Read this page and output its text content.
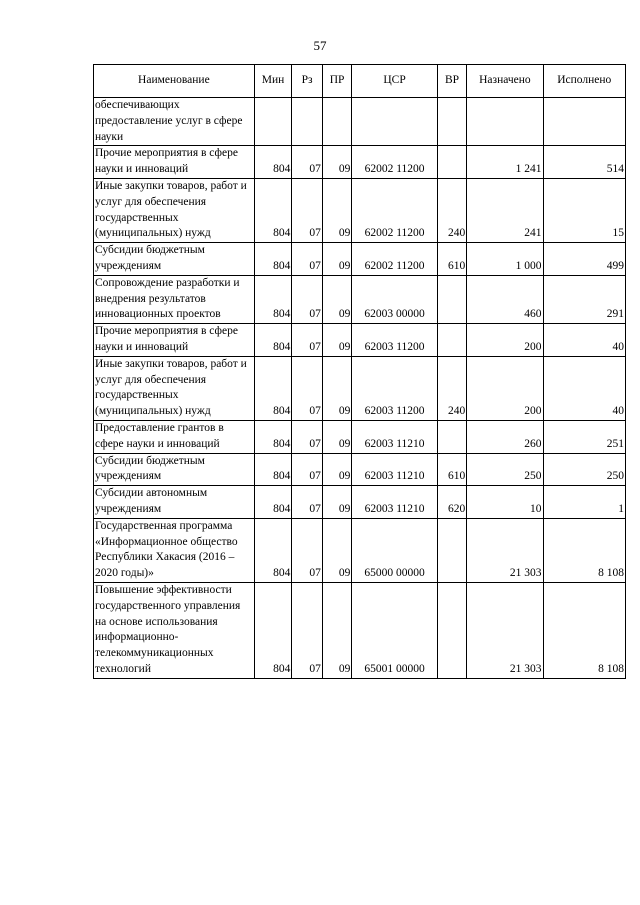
57
Наименование	Мин	Рз	ПР	ЦСР	ВР	Назначено	Исполнено
обеспечивающих предоставление услуг в сфере науки							
Прочие мероприятия в сфере науки и инноваций	804	07	09	62002 11200		1 241	514
Иные закупки товаров, работ и услуг для обеспечения государственных (муниципальных) нужд	804	07	09	62002 11200	240	241	15
Субсидии бюджетным учреждениям	804	07	09	62002 11200	610	1 000	499
Сопровождение разработки и внедрения результатов инновационных проектов	804	07	09	62003 00000		460	291
Прочие мероприятия в сфере науки и инноваций	804	07	09	62003 11200		200	40
Иные закупки товаров, работ и услуг для обеспечения государственных (муниципальных) нужд	804	07	09	62003 11200	240	200	40
Предоставление грантов в сфере науки и инноваций	804	07	09	62003 11210		260	251
Субсидии бюджетным учреждениям	804	07	09	62003 11210	610	250	250
Субсидии автономным учреждениям	804	07	09	62003 11210	620	10	1
Государственная программа «Информационное общество Республики Хакасия (2016 – 2020 годы)»	804	07	09	65000 00000		21 303	8 108
Повышение эффективности государственного управления на основе использования информационно-телекоммуникационных технологий	804	07	09	65001 00000		21 303	8 108
